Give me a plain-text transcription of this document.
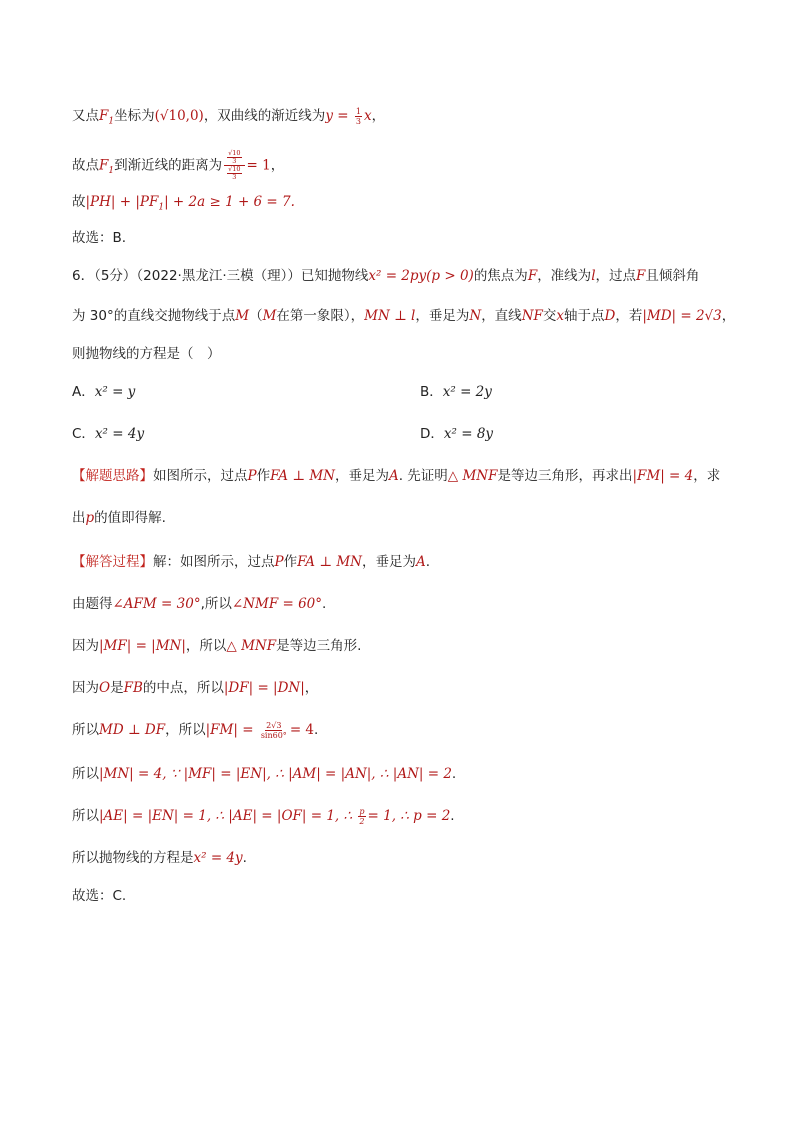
又点$F_1$坐标为(√10,0)，双曲线的渐近线为$y = \frac{1}{3}$ x，
故点$F_1$到渐近线的距离为 $\frac{\frac{√10}{3}}{\frac{√10}{3}} = 1$，
故$|PH| + |PF_1| + 2a \ge 1 + 6 = 7$.
故选：B.
6．（5分）（2022·黑龙江·三模（理））已知抛物线x² = 2py(p > 0)的焦点为F，准线为l，过点F且倾斜角
为 30°的直线交抛物线于点M（M在第一象限），MN ⊥ l，垂足为N，直线NF交x轴于点D，若|MD| = 2√3，
则抛物线的方程是（　）
A．x² = y	B．x² = 2y
C．x² = 4y	D．x² = 8y
【解题思路】如图所示，过点P作FA ⊥ MN，垂足为A. 先证明△ MNF是等边三角形，再求出|FM| = 4，求
出p的值即得解.
【解答过程】解：如图所示，过点P作FA ⊥ MN，垂足为A.
由题得∠AFM = 30°,所以∠NMF = 60°.
因为|MF| = |MN|，所以△ MNF是等边三角形.
因为O是FB的中点，所以|DF| = |DN|，
所以MD ⊥ DF，所以$|FM| = \frac{2√3}{\sin 60^\circ} = 4$.
所以|MN| = 4, ∵ |MF| = |EN|, ∴ |AM| = |AN|, ∴ |AN| = 2.
所以|AE| = |EN| = 1, ∴ |AE| = |OF| = 1, ∴ $\frac{p}{2} = 1$, ∴ p = 2.
所以抛物线的方程是x² = 4y.
故选：C.
